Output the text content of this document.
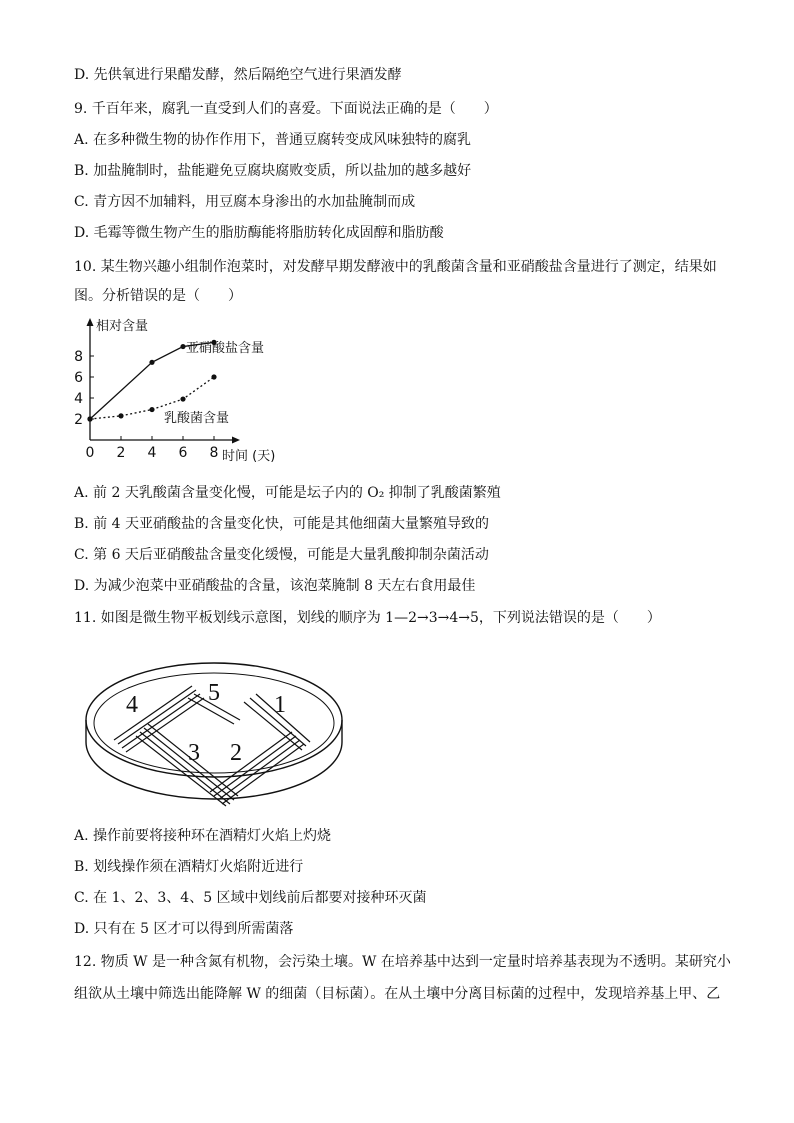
D. 先供氧进行果醋发酵，然后隔绝空气进行果酒发酵
9. 千百年来，腐乳一直受到人们的喜爱。下面说法正确的是（　　）
A. 在多种微生物的协作作用下，普通豆腐转变成风味独特的腐乳
B. 加盐腌制时，盐能避免豆腐块腐败变质，所以盐加的越多越好
C. 青方因不加辅料，用豆腐本身渗出的水加盐腌制而成
D. 毛霉等微生物产生的脂肪酶能将脂肪转化成固醇和脂肪酸
10. 某生物兴趣小组制作泡菜时，对发酵早期发酵液中的乳酸菌含量和亚硝酸盐含量进行了测定，结果如
图。分析错误的是（　　）
相对含量
时间 (天)
0 2 4 6 8
2
4
6
8
亚硝酸盐含量
乳酸菌含量
A. 前 2 天乳酸菌含量变化慢，可能是坛子内的 O₂ 抑制了乳酸菌繁殖
B. 前 4 天亚硝酸盐的含量变化快，可能是其他细菌大量繁殖导致的
C. 第 6 天后亚硝酸盐含量变化缓慢，可能是大量乳酸抑制杂菌活动
D. 为减少泡菜中亚硝酸盐的含量，该泡菜腌制 8 天左右食用最佳
11. 如图是微生物平板划线示意图，划线的顺序为 1—2→3→4→5，下列说法错误的是（　　）
1
2
3
4	5
A. 操作前要将接种环在酒精灯火焰上灼烧
B. 划线操作须在酒精灯火焰附近进行
C. 在 1、2、3、4、5 区域中划线前后都要对接种环灭菌
D. 只有在 5 区才可以得到所需菌落
12. 物质 W 是一种含氮有机物，会污染土壤。W 在培养基中达到一定量时培养基表现为不透明。某研究小
组欲从土壤中筛选出能降解 W 的细菌（目标菌）。在从土壤中分离目标菌的过程中，发现培养基上甲、乙
